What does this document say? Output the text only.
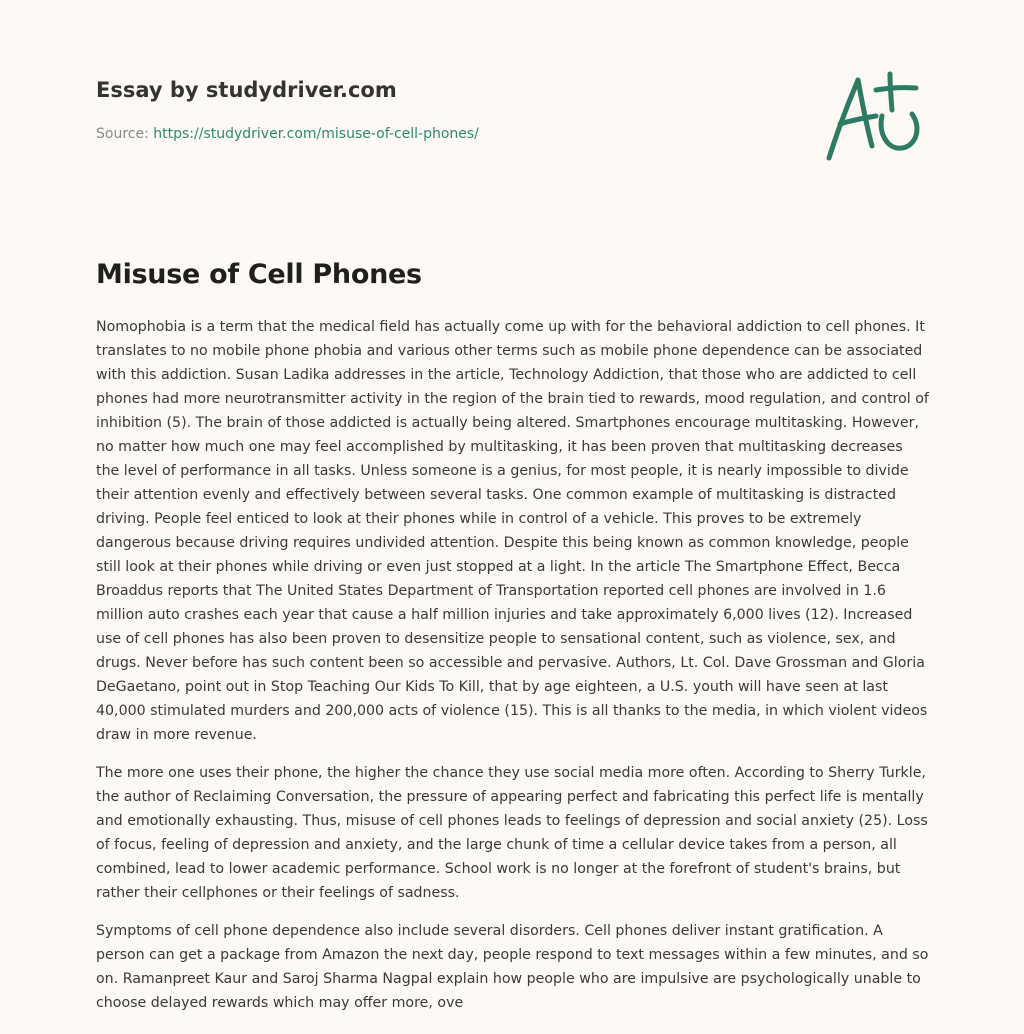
Essay by studydriver.com
Source: https://studydriver.com/misuse-of-cell-phones/
Misuse of Cell Phones

Nomophobia is a term that the medical field has actually come up with for the behavioral addiction to cell phones. It translates to no mobile phone phobia and various other terms such as mobile phone dependence can be associated with this addiction. Susan Ladika addresses in the article, Technology Addiction, that those who are addicted to cell phones had more neurotransmitter activity in the region of the brain tied to rewards, mood regulation, and control of inhibition (5). The brain of those addicted is actually being altered. Smartphones encourage multitasking. However, no matter how much one may feel accomplished by multitasking, it has been proven that multitasking decreases the level of performance in all tasks. Unless someone is a genius, for most people, it is nearly impossible to divide their attention evenly and effectively between several tasks. One common example of multitasking is distracted driving. People feel enticed to look at their phones while in control of a vehicle. This proves to be extremely dangerous because driving requires undivided attention. Despite this being known as common knowledge, people still look at their phones while driving or even just stopped at a light. In the article The Smartphone Effect, Becca Broaddus reports that The United States Department of Transportation reported cell phones are involved in 1.6 million auto crashes each year that cause a half million injuries and take approximately 6,000 lives (12). Increased use of cell phones has also been proven to desensitize people to sensational content, such as violence, sex, and drugs. Never before has such content been so accessible and pervasive. Authors, Lt. Col. Dave Grossman and Gloria DeGaetano, point out in Stop Teaching Our Kids To Kill, that by age eighteen, a U.S. youth will have seen at last 40,000 stimulated murders and 200,000 acts of violence (15). This is all thanks to the media, in which violent videos draw in more revenue.

The more one uses their phone, the higher the chance they use social media more often. According to Sherry Turkle, the author of Reclaiming Conversation, the pressure of appearing perfect and fabricating this perfect life is mentally and emotionally exhausting. Thus, misuse of cell phones leads to feelings of depression and social anxiety (25). Loss of focus, feeling of depression and anxiety, and the large chunk of time a cellular device takes from a person, all combined, lead to lower academic performance. School work is no longer at the forefront of student's brains, but rather their cellphones or their feelings of sadness.

Symptoms of cell phone dependence also include several disorders. Cell phones deliver instant gratification. A person can get a package from Amazon the next day, people respond to text messages within a few minutes, and so on. Ramanpreet Kaur and Saroj Sharma Nagpal explain how people who are impulsive are psychologically unable to choose delayed rewards which may offer more, ove
